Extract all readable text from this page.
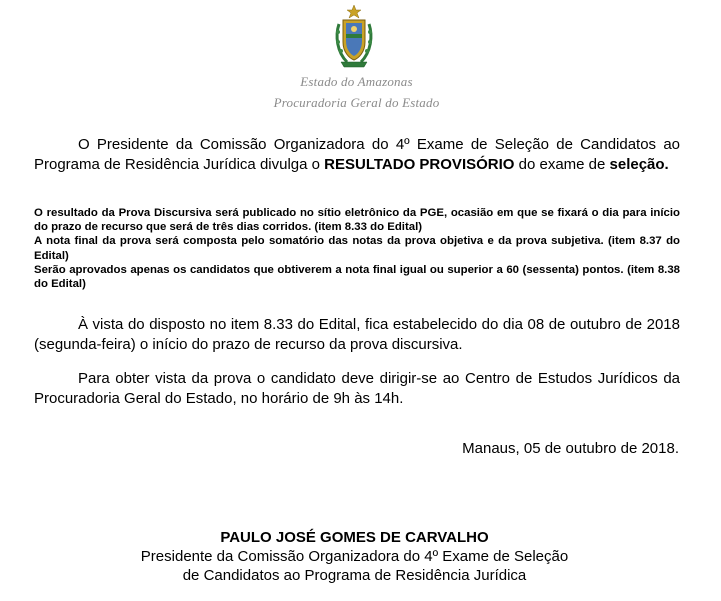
Estado do Amazonas
Procuradoria Geral do Estado
O Presidente da Comissão Organizadora do 4º Exame de Seleção de Candidatos ao Programa de Residência Jurídica divulga o RESULTADO PROVISÓRIO do exame de seleção.
O resultado da Prova Discursiva será publicado no sítio eletrônico da PGE, ocasião em que se fixará o dia para início do prazo de recurso que será de três dias corridos. (item 8.33 do Edital)
A nota final da prova será composta pelo somatório das notas da prova objetiva e da prova subjetiva. (item 8.37 do Edital)
Serão aprovados apenas os candidatos que obtiverem a nota final igual ou superior a 60 (sessenta) pontos. (item 8.38 do Edital)
À vista do disposto no item 8.33 do Edital, fica estabelecido do dia 08 de outubro de 2018 (segunda-feira) o início do prazo de recurso da prova discursiva.
Para obter vista da prova o candidato deve dirigir-se ao Centro de Estudos Jurídicos da Procuradoria Geral do Estado, no horário de 9h às 14h.
Manaus, 05 de outubro de 2018.
PAULO JOSÉ GOMES DE CARVALHO
Presidente da Comissão Organizadora do 4º Exame de Seleção
de Candidatos ao Programa de Residência Jurídica
